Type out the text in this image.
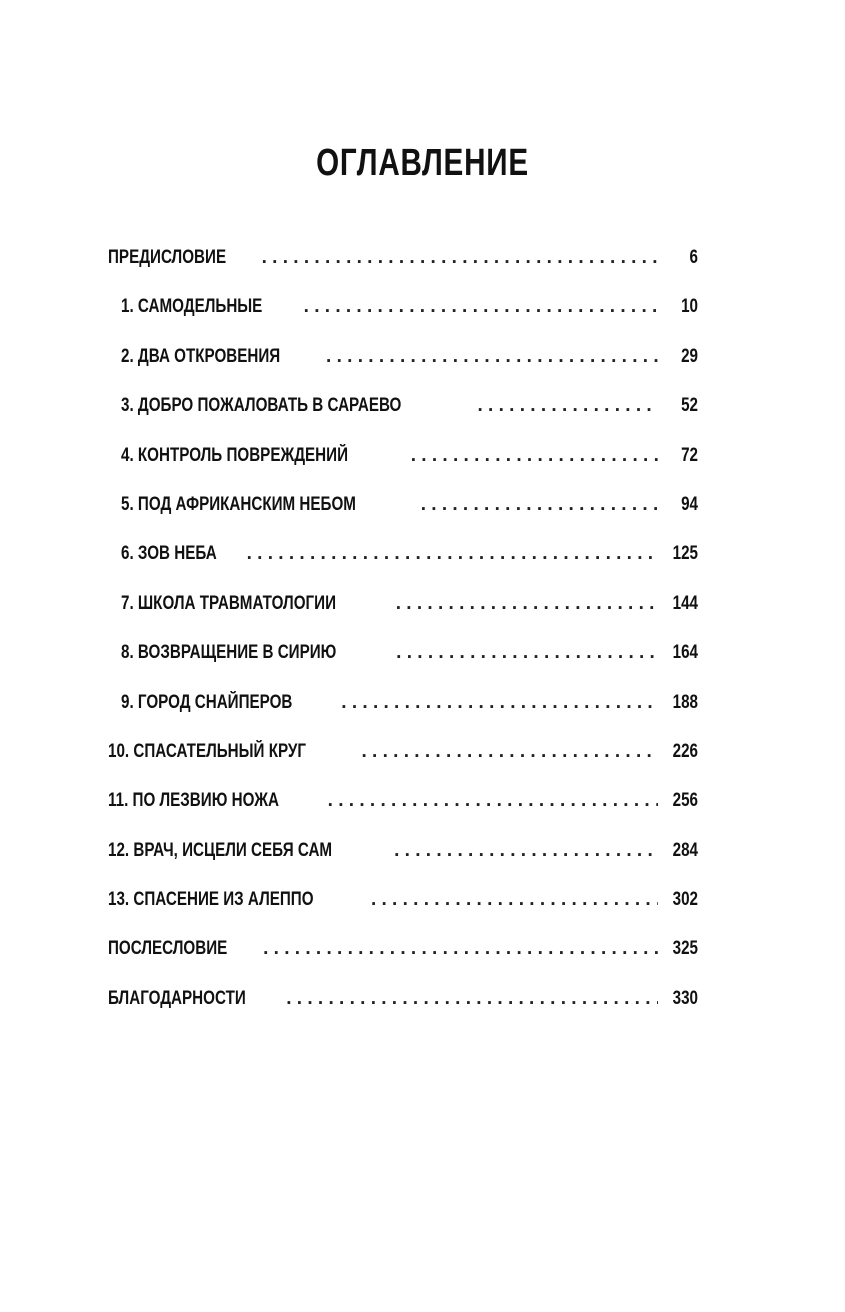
ОГЛАВЛЕНИЕ
ПРЕДИСЛОВИЕ . . .	6
1. САМОДЕЛЬНЫЕ . . .	10
2. ДВА ОТКРОВЕНИЯ . . .	29
3. ДОБРО ПОЖАЛОВАТЬ В САРАЕВО . . .	52
4. КОНТРОЛЬ ПОВРЕЖДЕНИЙ . . .	72
5. ПОД АФРИКАНСКИМ НЕБОМ . . .	94
6. ЗОВ НЕБА . . .	125
7. ШКОЛА ТРАВМАТОЛОГИИ . . .	144
8. ВОЗВРАЩЕНИЕ В СИРИЮ . . .	164
9. ГОРОД СНАЙПЕРОВ . . .	188
10. СПАСАТЕЛЬНЫЙ КРУГ . . .	226
11. ПО ЛЕЗВИЮ НОЖА . . .	256
12. ВРАЧ, ИСЦЕЛИ СЕБЯ САМ . . .	284
13. СПАСЕНИЕ ИЗ АЛЕППО . . .	302
ПОСЛЕСЛОВИЕ . . .	325
БЛАГОДАРНОСТИ . . .	330
